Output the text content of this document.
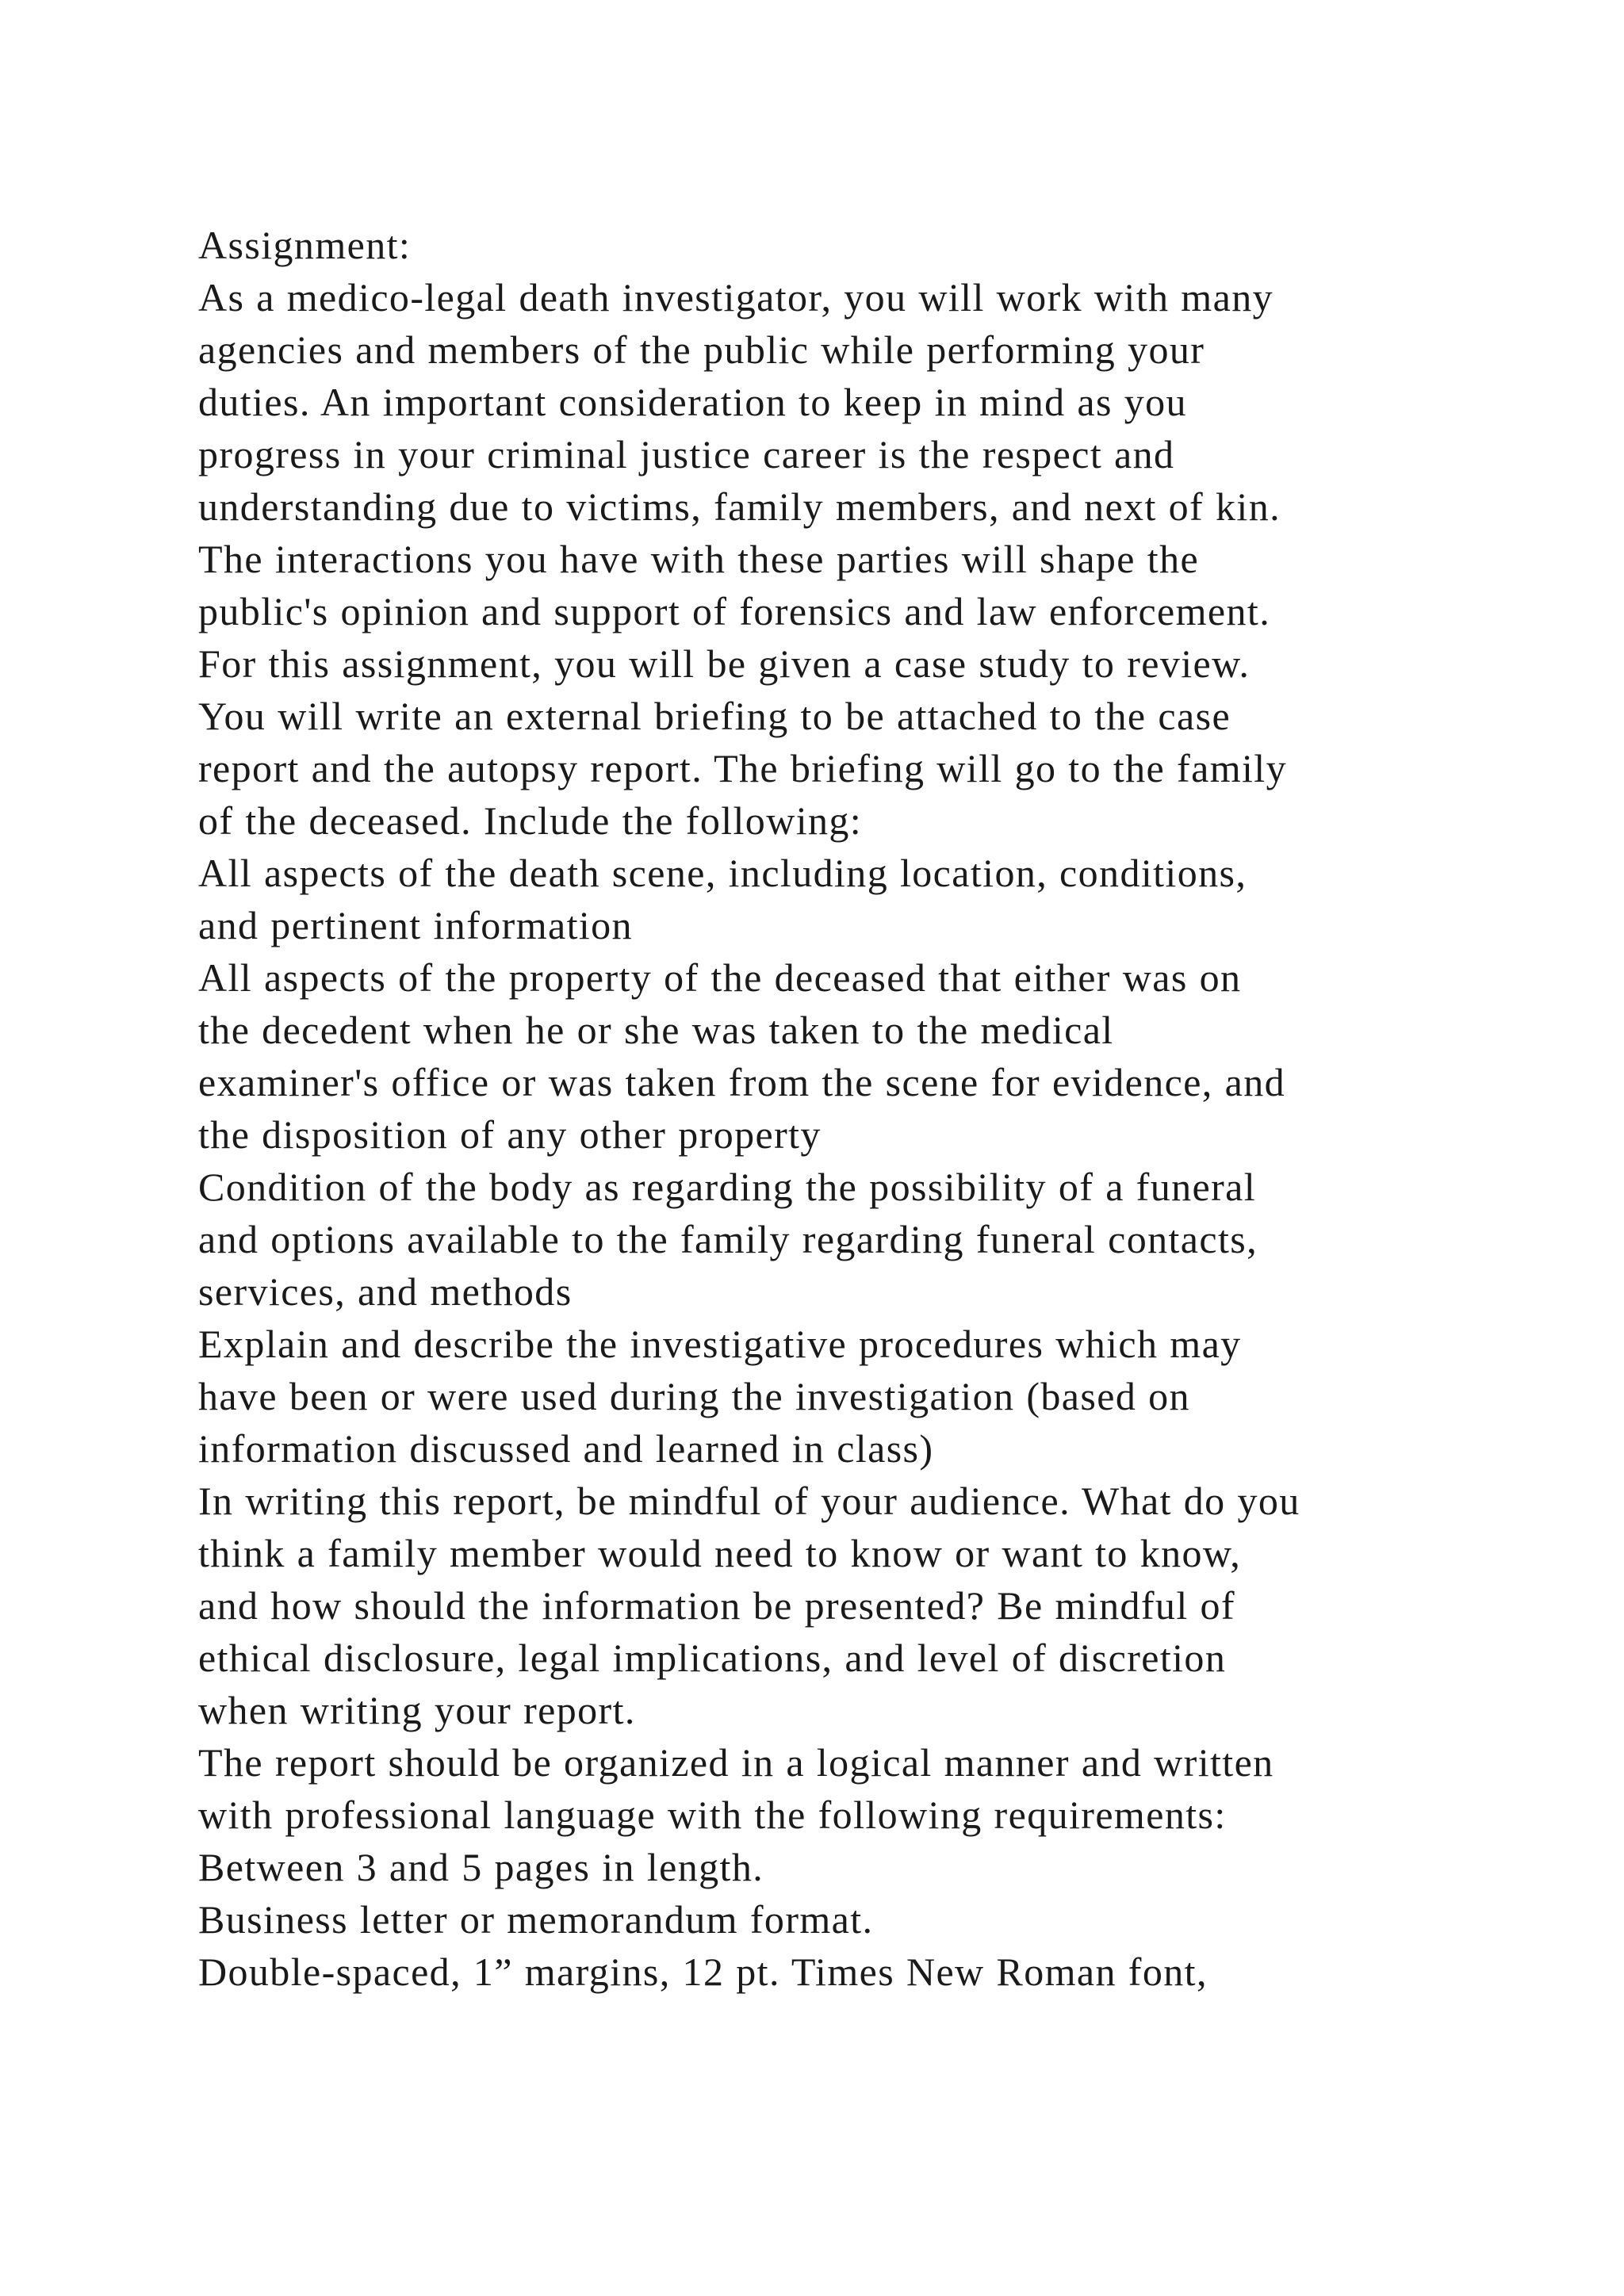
Assignment:
As a medico-legal death investigator, you will work with many
agencies and members of the public while performing your
duties. An important consideration to keep in mind as you
progress in your criminal justice career is the respect and
understanding due to victims, family members, and next of kin.
The interactions you have with these parties will shape the
public's opinion and support of forensics and law enforcement.
For this assignment, you will be given a case study to review.
You will write an external briefing to be attached to the case
report and the autopsy report. The briefing will go to the family
of the deceased. Include the following:
All aspects of the death scene, including location, conditions,
and pertinent information
All aspects of the property of the deceased that either was on
the decedent when he or she was taken to the medical
examiner's office or was taken from the scene for evidence, and
the disposition of any other property
Condition of the body as regarding the possibility of a funeral
and options available to the family regarding funeral contacts,
services, and methods
Explain and describe the investigative procedures which may
have been or were used during the investigation (based on
information discussed and learned in class)
In writing this report, be mindful of your audience. What do you
think a family member would need to know or want to know,
and how should the information be presented? Be mindful of
ethical disclosure, legal implications, and level of discretion
when writing your report.
The report should be organized in a logical manner and written
with professional language with the following requirements:
Between 3 and 5 pages in length.
Business letter or memorandum format.
Double-spaced, 1” margins, 12 pt. Times New Roman font,
